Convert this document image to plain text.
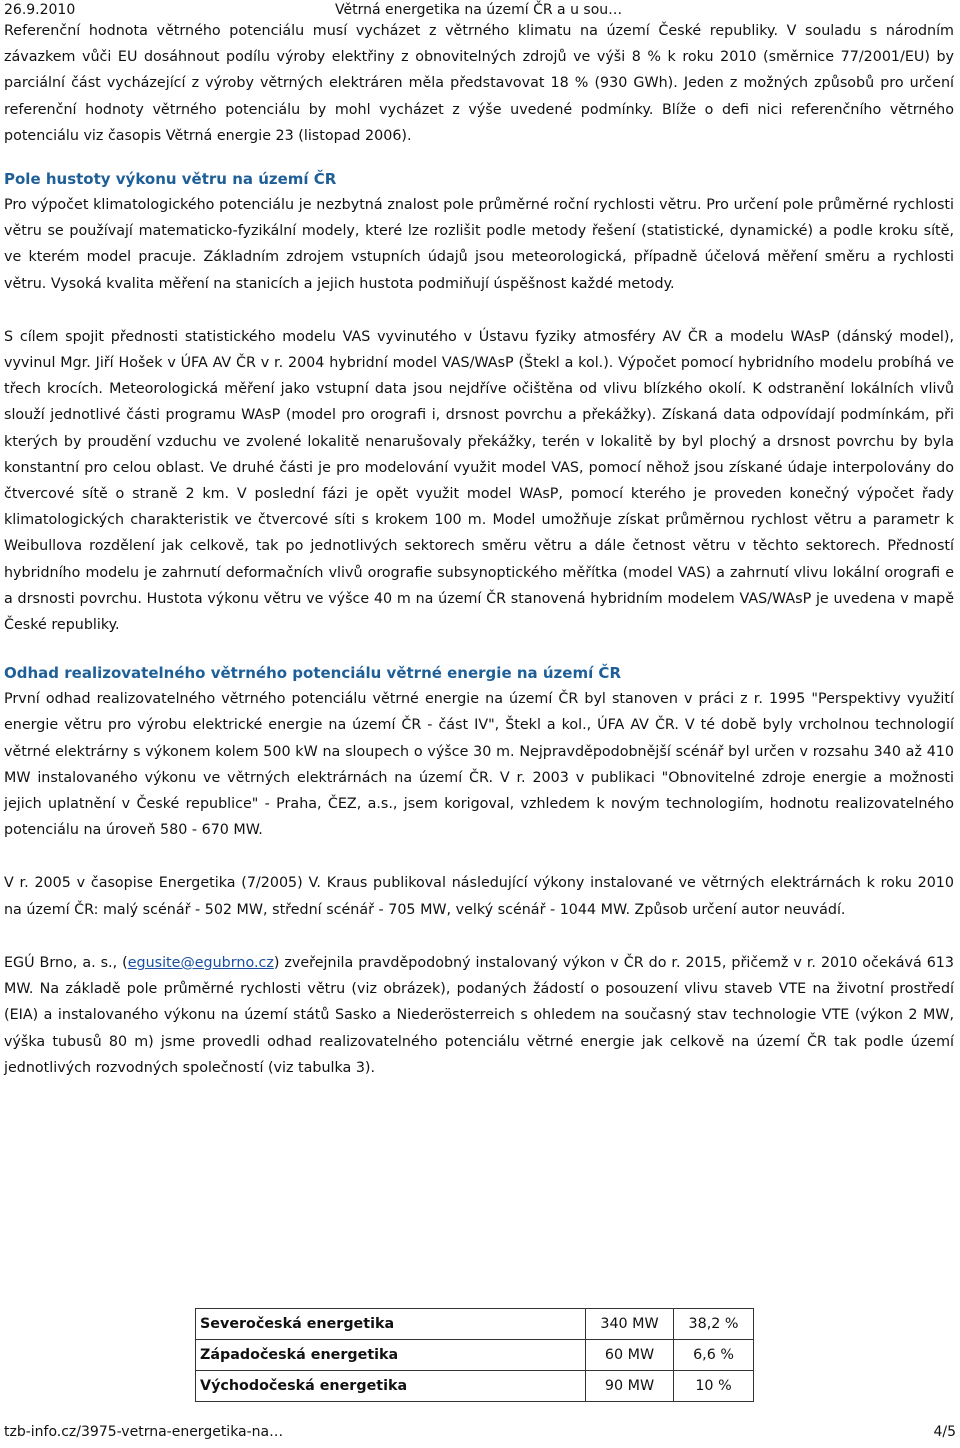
26.9.2010	Větrná energetika na území ČR a u sou…

Referenční hodnota větrného potenciálu musí vycházet z větrného klimatu na území České republiky. V souladu s národním závazkem vůči EU dosáhnout podílu výroby elektřiny z obnovitelných zdrojů ve výši 8 % k roku 2010 (směrnice 77/2001/EU) by parciální část vycházející z výroby větrných elektráren měla představovat 18 % (930 GWh). Jeden z možných způsobů pro určení referenční hodnoty větrného potenciálu by mohl vycházet z výše uvedené podmínky. Blíže o defi nici referenčního větrného potenciálu viz časopis Větrná energie 23 (listopad 2006).

Pole hustoty výkonu větru na území ČR

Pro výpočet klimatologického potenciálu je nezbytná znalost pole průměrné roční rychlosti větru. Pro určení pole průměrné rychlosti větru se používají matematicko-fyzikální modely, které lze rozlišit podle metody řešení (statistické, dynamické) a podle kroku sítě, ve kterém model pracuje. Základním zdrojem vstupních údajů jsou meteorologická, případně účelová měření směru a rychlosti větru. Vysoká kvalita měření na stanicích a jejich hustota podmiňují úspěšnost každé metody.

S cílem spojit přednosti statistického modelu VAS vyvinutého v Ústavu fyziky atmosféry AV ČR a modelu WAsP (dánský model), vyvinul Mgr. Jiří Hošek v ÚFA AV ČR v r. 2004 hybridní model VAS/WAsP (Štekl a kol.). Výpočet pomocí hybridního modelu probíhá ve třech krocích. Meteorologická měření jako vstupní data jsou nejdříve očištěna od vlivu blízkého okolí. K odstranění lokálních vlivů slouží jednotlivé části programu WAsP (model pro orografi i, drsnost povrchu a překážky). Získaná data odpovídají podmínkám, při kterých by proudění vzduchu ve zvolené lokalitě nenarušovaly překážky, terén v lokalitě by byl plochý a drsnost povrchu by byla konstantní pro celou oblast. Ve druhé části je pro modelování využit model VAS, pomocí něhož jsou získané údaje interpolovány do čtvercové sítě o straně 2 km. V poslední fázi je opět využit model WAsP, pomocí kterého je proveden konečný výpočet řady klimatologických charakteristik ve čtvercové síti s krokem 100 m. Model umožňuje získat průměrnou rychlost větru a parametr k Weibullova rozdělení jak celkově, tak po jednotlivých sektorech směru větru a dále četnost větru v těchto sektorech. Předností hybridního modelu je zahrnutí deformačních vlivů orografie subsynoptického měřítka (model VAS) a zahrnutí vlivu lokální orografi e a drsnosti povrchu. Hustota výkonu větru ve výšce 40 m na území ČR stanovená hybridním modelem VAS/WAsP je uvedena v mapě České republiky.

Odhad realizovatelného větrného potenciálu větrné energie na území ČR

První odhad realizovatelného větrného potenciálu větrné energie na území ČR byl stanoven v práci z r. 1995 "Perspektivy využití energie větru pro výrobu elektrické energie na území ČR - část IV", Štekl a kol., ÚFA AV ČR. V té době byly vrcholnou technologií větrné elektrárny s výkonem kolem 500 kW na sloupech o výšce 30 m. Nejpravděpodobnější scénář byl určen v rozsahu 340 až 410 MW instalovaného výkonu ve větrných elektrárnách na území ČR. V r. 2003 v publikaci "Obnovitelné zdroje energie a možnosti jejich uplatnění v České republice" - Praha, ČEZ, a.s., jsem korigoval, vzhledem k novým technologiím, hodnotu realizovatelného potenciálu na úroveň 580 - 670 MW.

V r. 2005 v časopise Energetika (7/2005) V. Kraus publikoval následující výkony instalované ve větrných elektrárnách k roku 2010 na území ČR: malý scénář - 502 MW, střední scénář - 705 MW, velký scénář - 1044 MW. Způsob určení autor neuvádí.

EGÚ Brno, a. s., (egusite@egubrno.cz) zveřejnila pravděpodobný instalovaný výkon v ČR do r. 2015, přičemž v r. 2010 očekává 613 MW. Na základě pole průměrné rychlosti větru (viz obrázek), podaných žádostí o posouzení vlivu staveb VTE na životní prostředí (EIA) a instalovaného výkonu na území států Sasko a Niederösterreich s ohledem na současný stav technologie VTE (výkon 2 MW, výška tubusů 80 m) jsme provedli odhad realizovatelného potenciálu větrné energie jak celkově na území ČR tak podle území jednotlivých rozvodných společností (viz tabulka 3).

Severočeská energetika	340 MW	38,2 %
Západočeská energetika	60 MW	6,6 %
Východočeská energetika	90 MW	10 %
tzb-info.cz/3975-vetrna-energetika-na…	4/5
